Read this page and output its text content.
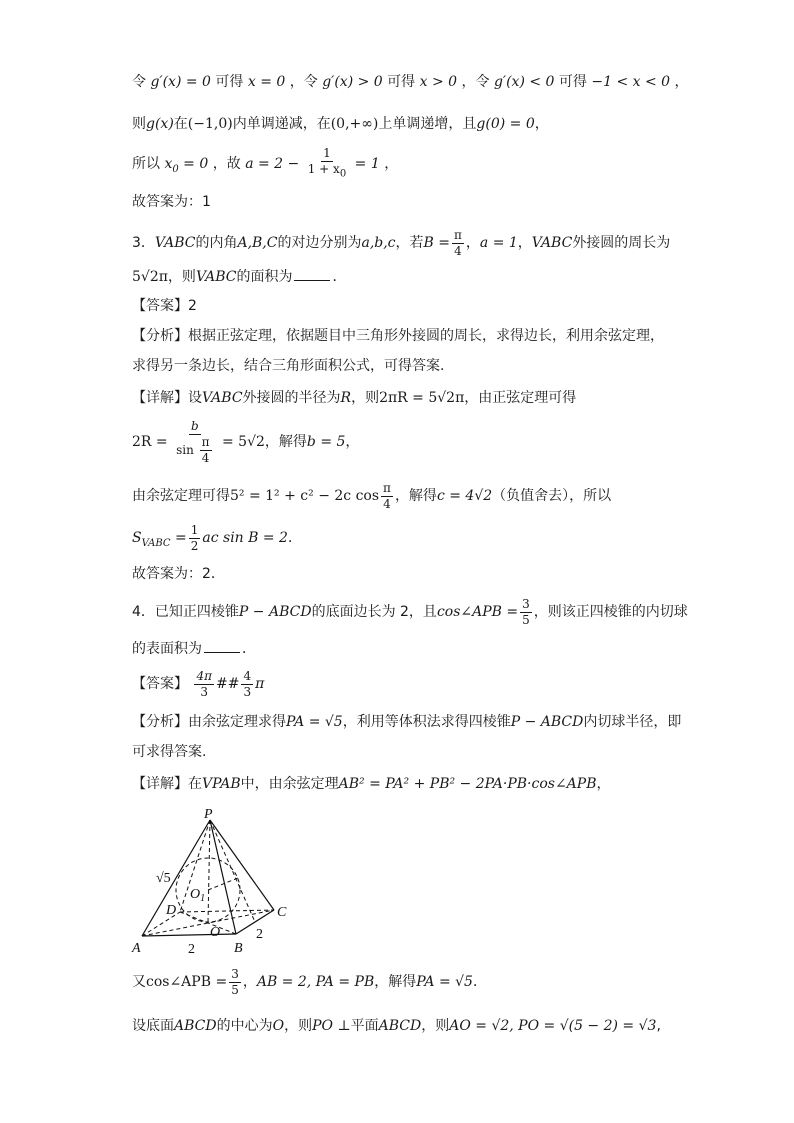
令 g′(x) = 0 可得 x = 0 ，令 g′(x) > 0 可得 x > 0 ，令 g′(x) < 0 可得 −1 < x < 0 ，
则g(x)在(−1,0)内单调递减，在(0,+∞)上单调递增，且g(0) = 0，
所以 $x_0 = 0$ ，故 $a = 2 - \frac{1}{1 + x_0} = 1$ ，
故答案为：1
3．VABC的内角A,B,C的对边分别为a,b,c，若$B = \frac{\pi}{4}$ ，a = 1，VABC外接圆的周长为
5√2π，则VABC的面积为	．
【答案】2
【分析】根据正弦定理，依据题目中三角形外接圆的周长，求得边长，利用余弦定理，
求得另一条边长，结合三角形面积公式，可得答案.
【详解】设VABC外接圆的半径为R，则2πR = 5√2π，由正弦定理可得
$2R = \frac{b}{\sin \frac{\pi}{4}} = 5√2$，解得b = 5，
由余弦定理可得5² = 1² + c² − 2c $\cos \frac{\pi}{4}$ ，解得c = 4√2（负值舍去），所以
$S_{VABC} = \frac{1}{2}$ ac sin B = 2．
故答案为：2．
4．已知正四棱锥P − ABCD的底面边长为 2，且cos∠APB = $\frac{3}{5}$ ，则该正四棱锥的内切球
的表面积为	．
【答案】 $\frac{4\pi}{3}$ ## $\frac{4}{3}$ π
【分析】由余弦定理求得PA = √5，利用等体积法求得四棱锥P − ABCD内切球半径，即
可求得答案.
【详解】在VPAB中，由余弦定理AB² = PA² + PB² − 2PA·PB·cos∠APB，
P
A	B
C
D
O
$O_1$
√5
2
2
又cos∠APB = $\frac{3}{5}$ ，AB = 2, PA = PB，解得PA = √5．
设底面ABCD的中心为O，则PO ⊥平面ABCD，则AO = √2, PO = √(5 − 2) = √3,
